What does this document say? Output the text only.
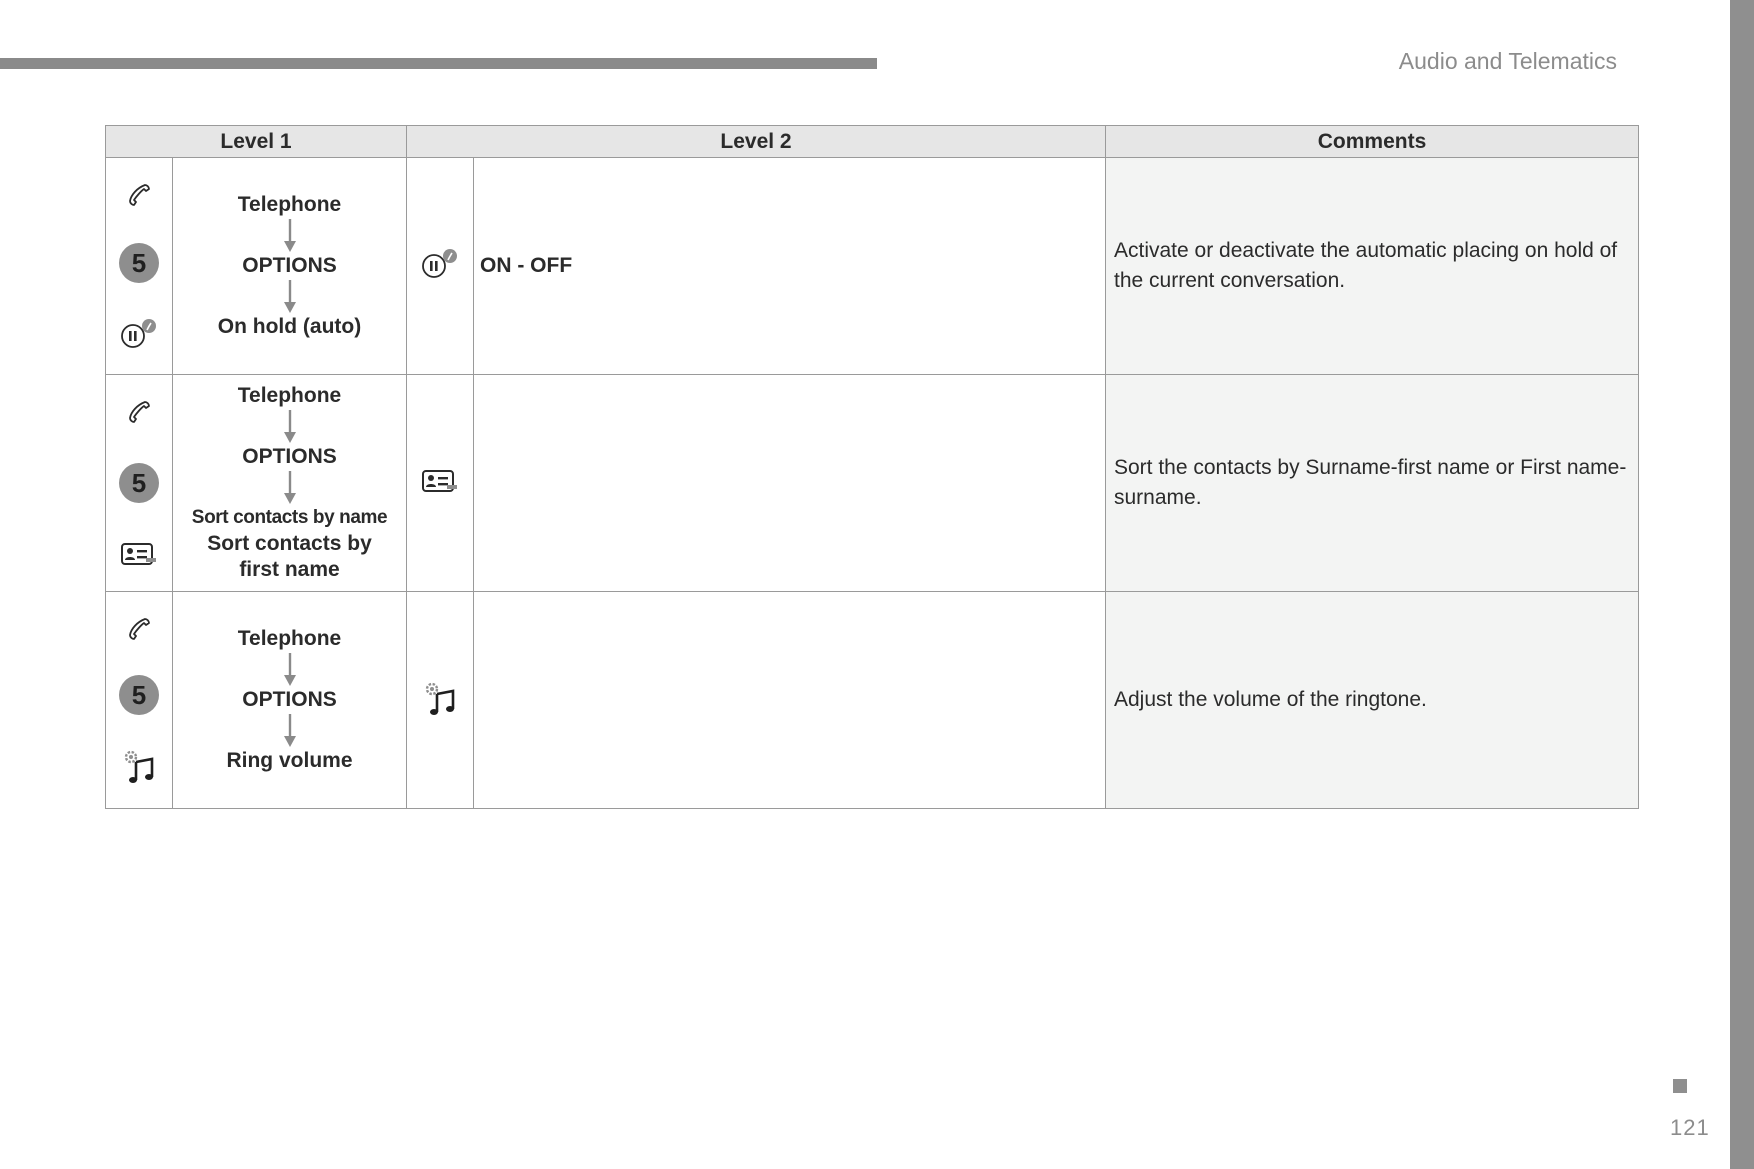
Audio and Telematics
Level 1		Level 2		Comments

5	Telephone
OPTIONS
On hold (auto)		ON - OFF	Activate or deactivate the automatic placing on hold of the current conversation.

5	Telephone
OPTIONS
Sort contacts by name
Sort contacts by first name			Sort the contacts by Surname-first name or First name-surname.

5	Telephone
OPTIONS
Ring volume			Adjust the volume of the ringtone.
121
